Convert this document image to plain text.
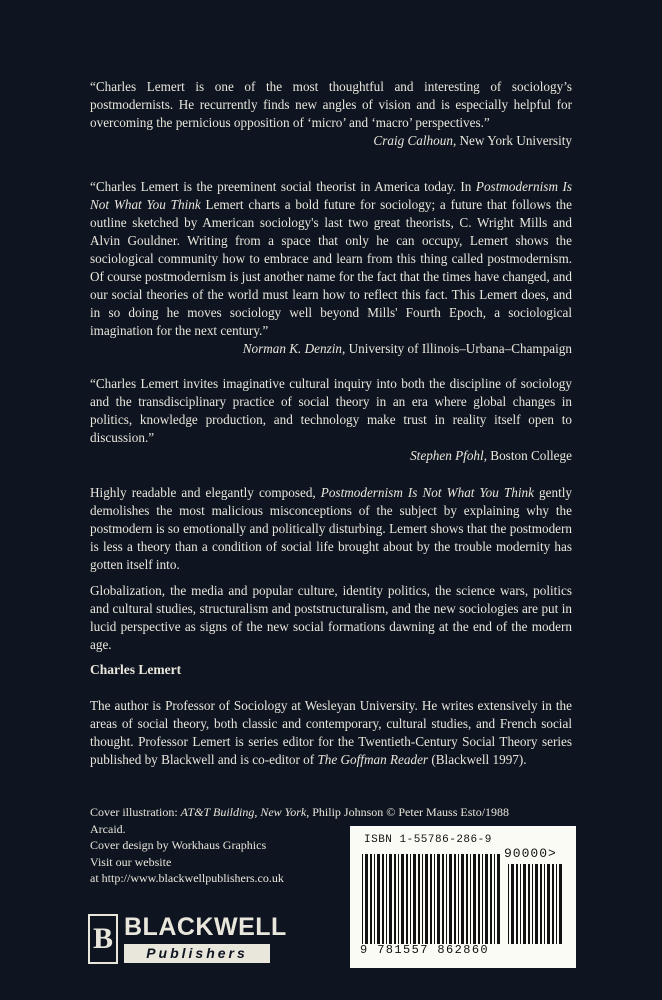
“Charles Lemert is one of the most thoughtful and interesting of sociology’s postmodernists. He recurrently finds new angles of vision and is especially helpful for overcoming the pernicious opposition of ‘micro’ and ‘macro’ perspectives.”

Craig Calhoun, New York University

“Charles Lemert is the preeminent social theorist in America today. In Postmodernism Is Not What You Think Lemert charts a bold future for sociology; a future that follows the outline sketched by American sociology's last two great theorists, C. Wright Mills and Alvin Gouldner. Writing from a space that only he can occupy, Lemert shows the sociological community how to embrace and learn from this thing called postmodernism. Of course postmodernism is just another name for the fact that the times have changed, and our social theories of the world must learn how to reflect this fact. This Lemert does, and in so doing he moves sociology well beyond Mills' Fourth Epoch, a sociological imagination for the next century.”

Norman K. Denzin, University of Illinois–Urbana–Champaign

“Charles Lemert invites imaginative cultural inquiry into both the discipline of sociology and the transdisciplinary practice of social theory in an era where global changes in politics, knowledge production, and technology make trust in reality itself open to discussion.”

Stephen Pfohl, Boston College

Highly readable and elegantly composed, Postmodernism Is Not What You Think gently demolishes the most malicious misconceptions of the subject by explaining why the postmodern is so emotionally and politically disturbing. Lemert shows that the postmodern is less a theory than a condition of social life brought about by the trouble modernity has gotten itself into.

Globalization, the media and popular culture, identity politics, the science wars, politics and cultural studies, structuralism and poststructuralism, and the new sociologies are put in lucid perspective as signs of the new social formations dawning at the end of the modern age.

Charles Lemert

The author is Professor of Sociology at Wesleyan University. He writes extensively in the areas of social theory, both classic and contemporary, cultural studies, and French social thought. Professor Lemert is series editor for the Twentieth-Century Social Theory series published by Blackwell and is co-editor of The Goffman Reader (Blackwell 1997).

Cover illustration: AT&T Building, New York, Philip Johnson © Peter Mauss Esto/1988

Arcaid.

Cover design by Workhaus Graphics

Visit our website

at http://www.blackwellpublishers.co.uk

ISBN 1-55786-286-9
90000>
9 781557 862860
B BLACKWELL
Publishers
